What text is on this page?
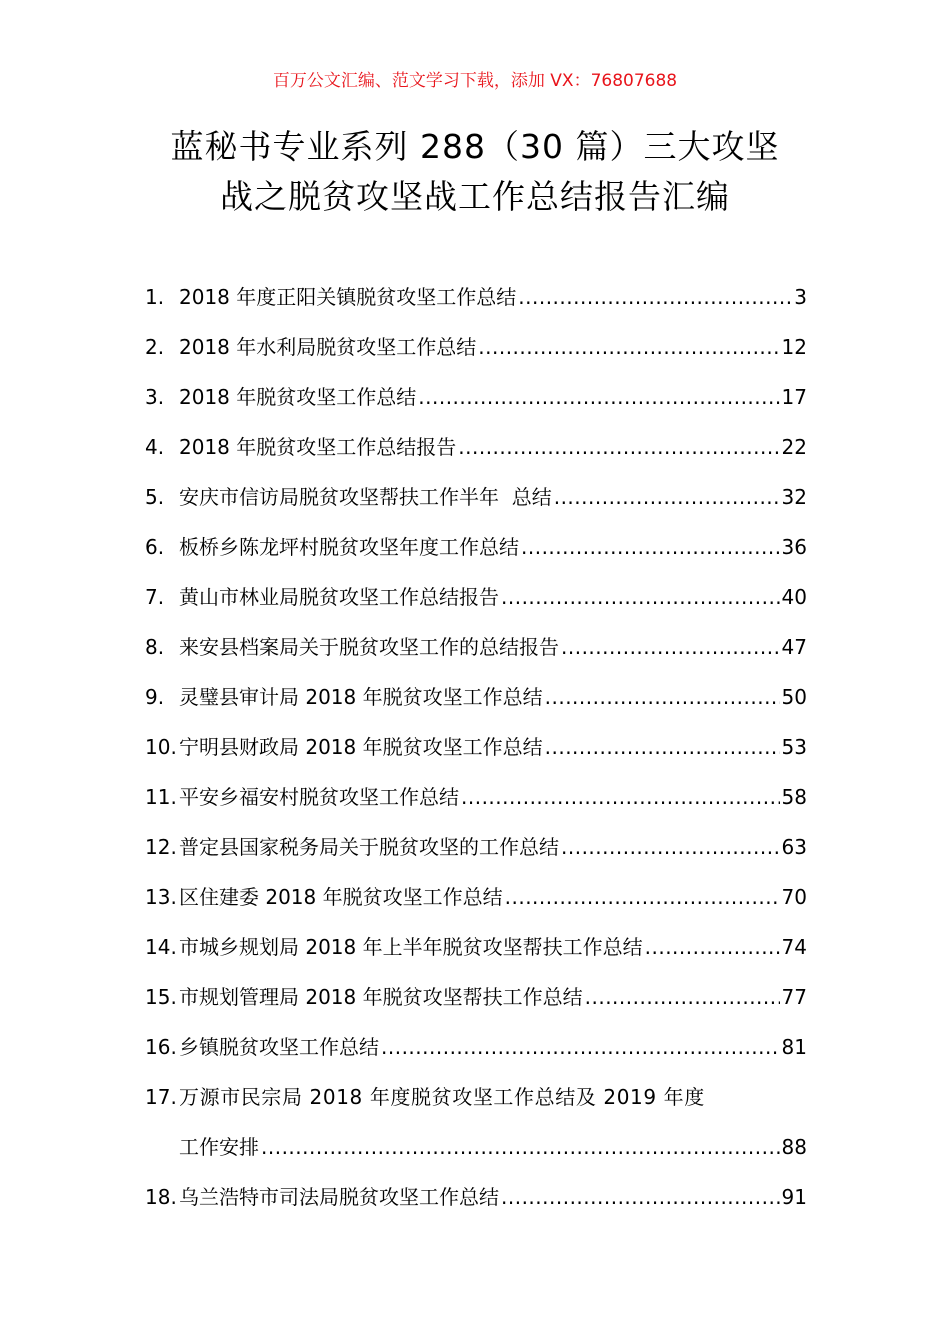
百万公文汇编、范文学习下载，添加 VX：76807688
蓝秘书专业系列 288（30 篇）三大攻坚
战之脱贫攻坚战工作总结报告汇编
1. 2018 年度正阳关镇脱贫攻坚工作总结 .....	3
2. 2018 年水利局脱贫攻坚工作总结 .....	12
3. 2018 年脱贫攻坚工作总结 .....	17
4. 2018 年脱贫攻坚工作总结报告 .....	22
5. 安庆市信访局脱贫攻坚帮扶工作半年  总结 .....	32
6. 板桥乡陈龙坪村脱贫攻坚年度工作总结 .....	36
7. 黄山市林业局脱贫攻坚工作总结报告 .....	40
8. 来安县档案局关于脱贫攻坚工作的总结报告 .....	47
9. 灵璧县审计局 2018 年脱贫攻坚工作总结 .....	50
10. 宁明县财政局 2018 年脱贫攻坚工作总结 .....	53
11. 平安乡福安村脱贫攻坚工作总结 .....	58
12. 普定县国家税务局关于脱贫攻坚的工作总结 .....	63
13. 区住建委 2018 年脱贫攻坚工作总结 .....	70
14. 市城乡规划局 2018 年上半年脱贫攻坚帮扶工作总结 .....	74
15. 市规划管理局 2018 年脱贫攻坚帮扶工作总结 .....	77
16. 乡镇脱贫攻坚工作总结 .....	81
17. 万源市民宗局 2018 年度脱贫攻坚工作总结及 2019 年度
工作安排 .....	88
18. 乌兰浩特市司法局脱贫攻坚工作总结 .....	91
